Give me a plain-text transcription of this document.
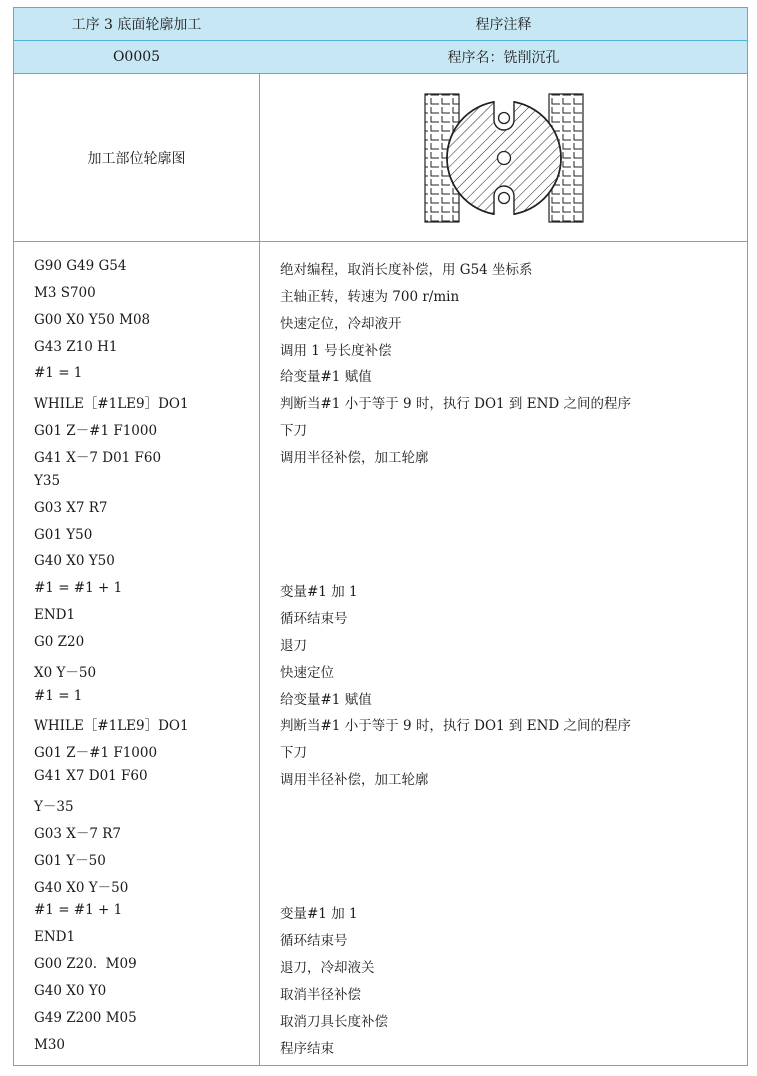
工序 3 底面轮廓加工	程序注释
O0005	程序名：铣削沉孔
加工部位轮廓图
G90 G49 G54	绝对编程，取消长度补偿，用 G54 坐标系
M3 S700	主轴正转，转速为 700 r/min
G00 X0 Y50 M08	快速定位，冷却液开
G43 Z10 H1	调用 1 号长度补偿
#1 = 1	给变量#1 赋值
WHILE［#1LE9］DO1	判断当#1 小于等于 9 时，执行 DO1 到 END 之间的程序
G01 Z－#1 F1000	下刀
G41 X－7 D01 F60	调用半径补偿，加工轮廓
Y35
G03 X7 R7
G01 Y50
G40 X0 Y50
#1 = #1 + 1	变量#1 加 1
END1	循环结束号
G0 Z20	退刀
X0 Y－50	快速定位
#1 = 1	给变量#1 赋值
WHILE［#1LE9］DO1	判断当#1 小于等于 9 时，执行 DO1 到 END 之间的程序
G01 Z－#1 F1000	下刀
G41 X7 D01 F60	调用半径补偿，加工轮廓
Y－35
G03 X－7 R7
G01 Y－50
G40 X0 Y－50
#1 = #1 + 1	变量#1 加 1
END1	循环结束号
G00 Z20.  M09	退刀，冷却液关
G40 X0 Y0	取消半径补偿
G49 Z200 M05	取消刀具长度补偿
M30	程序结束
